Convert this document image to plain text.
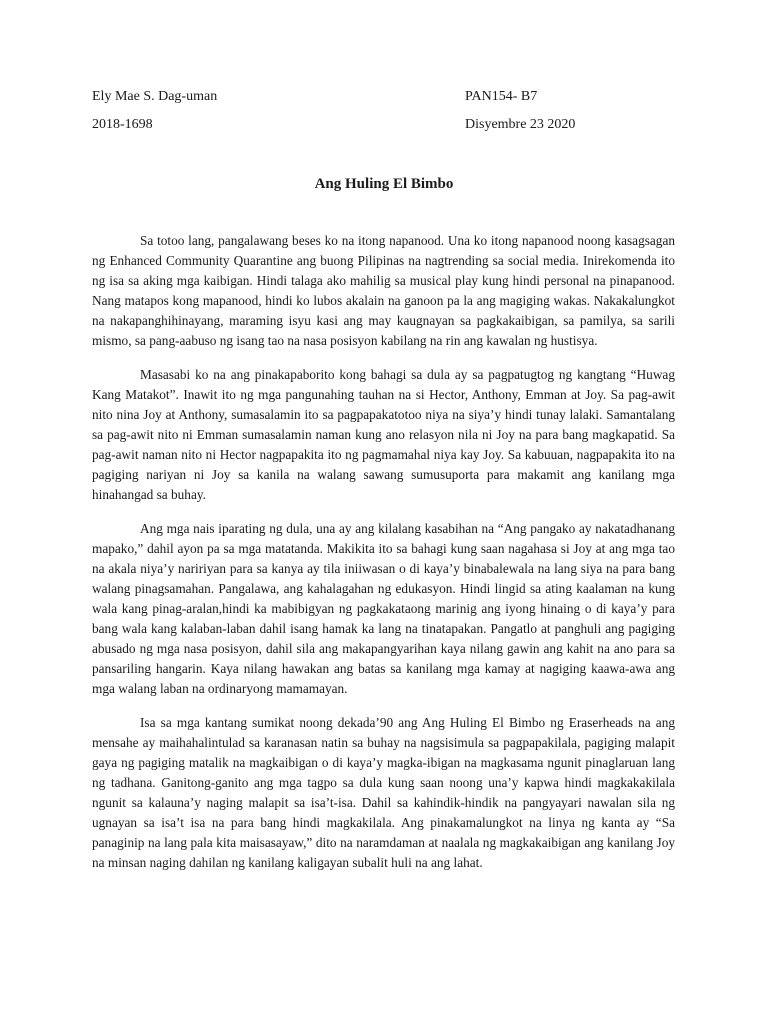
Ely Mae S. Dag-uman	PAN154- B7
2018-1698	Disyembre 23 2020
Ang Huling El Bimbo

Sa totoo lang, pangalawang beses ko na itong napanood. Una ko itong napanood noong kasagsagan ng Enhanced Community Quarantine ang buong Pilipinas na nagtrending sa social media. Inirekomenda ito ng isa sa aking mga kaibigan. Hindi talaga ako mahilig sa musical play kung hindi personal na pinapanood. Nang matapos kong mapanood, hindi ko lubos akalain na ganoon pa la ang magiging wakas. Nakakalungkot na nakapanghihinayang, maraming isyu kasi ang may kaugnayan sa pagkakaibigan, sa pamilya, sa sarili mismo, sa pang-aabuso ng isang tao na nasa posisyon kabilang na rin ang kawalan ng hustisya.

Masasabi ko na ang pinakapaborito kong bahagi sa dula ay sa pagpatugtog ng kangtang “Huwag Kang Matakot”. Inawit ito ng mga pangunahing tauhan na si Hector, Anthony, Emman at Joy. Sa pag-awit nito nina Joy at Anthony, sumasalamin ito sa pagpapakatotoo niya na siya’y hindi tunay lalaki. Samantalang sa pag-awit nito ni Emman sumasalamin naman kung ano relasyon nila ni Joy na para bang magkapatid. Sa pag-awit naman nito ni Hector nagpapakita ito ng pagmamahal niya kay Joy. Sa kabuuan, nagpapakita ito na pagiging nariyan ni Joy sa kanila na walang sawang sumusuporta para makamit ang kanilang mga hinahangad sa buhay.

Ang mga nais iparating ng dula, una ay ang kilalang kasabihan na “Ang pangako ay nakatadhanang mapako,” dahil ayon pa sa mga matatanda. Makikita ito sa bahagi kung saan nagahasa si Joy at ang mga tao na akala niya’y naririyan para sa kanya ay tila iniiwasan o di kaya’y binabalewala na lang siya na para bang walang pinagsamahan. Pangalawa, ang kahalagahan ng edukasyon. Hindi lingid sa ating kaalaman na kung wala kang pinag-aralan,hindi ka mabibigyan ng pagkakataong marinig ang iyong hinaing o di kaya’y para bang wala kang kalaban-laban dahil isang hamak ka lang na tinatapakan. Pangatlo at panghuli ang pagiging abusado ng mga nasa posisyon, dahil sila ang makapangyarihan kaya nilang gawin ang kahit na ano para sa pansariling hangarin. Kaya nilang hawakan ang batas sa kanilang mga kamay at nagiging kaawa-awa ang mga walang laban na ordinaryong mamamayan.

Isa sa mga kantang sumikat noong dekada’90 ang Ang Huling El Bimbo ng Eraserheads na ang mensahe ay maihahalintulad sa karanasan natin sa buhay na nagsisimula sa pagpapakilala, pagiging malapit gaya ng pagiging matalik na magkaibigan o di kaya’y magka-ibigan na magkasama ngunit pinaglaruan lang ng tadhana. Ganitong-ganito ang mga tagpo sa dula kung saan noong una’y kapwa hindi magkakakilala ngunit sa kalauna’y naging malapit sa isa’t-isa. Dahil sa kahindik-hindik na pangyayari nawalan sila ng ugnayan sa isa’t isa na para bang hindi magkakilala. Ang pinakamalungkot na linya ng kanta ay “Sa panaginip na lang pala kita maisasayaw,” dito na naramdaman at naalala ng magkakaibigan ang kanilang Joy na minsan naging dahilan ng kanilang kaligayan subalit huli na ang lahat.
